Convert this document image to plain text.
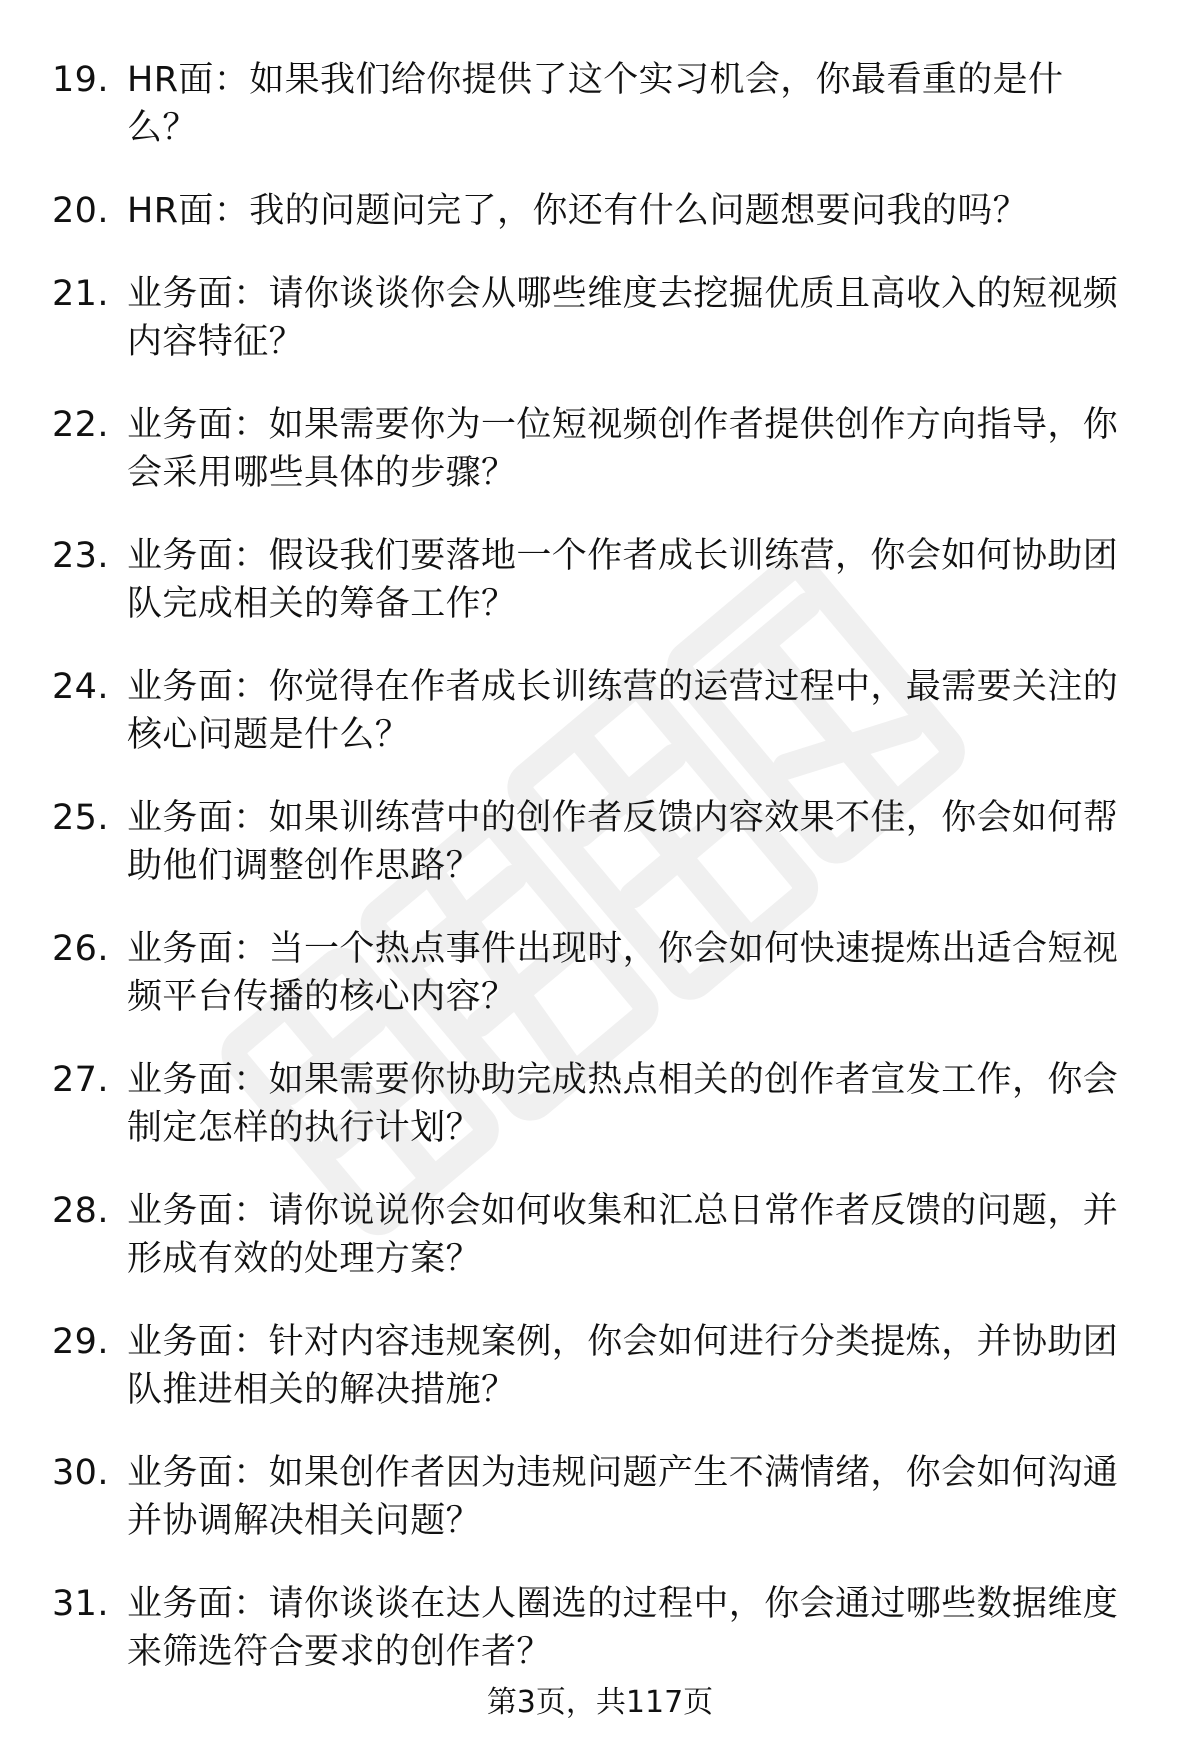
19. HR面：如果我们给你提供了这个实习机会，你最看重的是什么？
20. HR面：我的问题问完了，你还有什么问题想要问我的吗？
21. 业务面：请你谈谈你会从哪些维度去挖掘优质且高收入的短视频内容特征？
22. 业务面：如果需要你为一位短视频创作者提供创作方向指导，你会采用哪些具体的步骤？
23. 业务面：假设我们要落地一个作者成长训练营，你会如何协助团队完成相关的筹备工作？
24. 业务面：你觉得在作者成长训练营的运营过程中，最需要关注的核心问题是什么？
25. 业务面：如果训练营中的创作者反馈内容效果不佳，你会如何帮助他们调整创作思路？
26. 业务面：当一个热点事件出现时，你会如何快速提炼出适合短视频平台传播的核心内容？
27. 业务面：如果需要你协助完成热点相关的创作者宣发工作，你会制定怎样的执行计划？
28. 业务面：请你说说你会如何收集和汇总日常作者反馈的问题，并形成有效的处理方案？
29. 业务面：针对内容违规案例，你会如何进行分类提炼，并协助团队推进相关的解决措施？
30. 业务面：如果创作者因为违规问题产生不满情绪，你会如何沟通并协调解决相关问题？
31. 业务面：请你谈谈在达人圈选的过程中，你会通过哪些数据维度来筛选符合要求的创作者？
第3页，共117页
